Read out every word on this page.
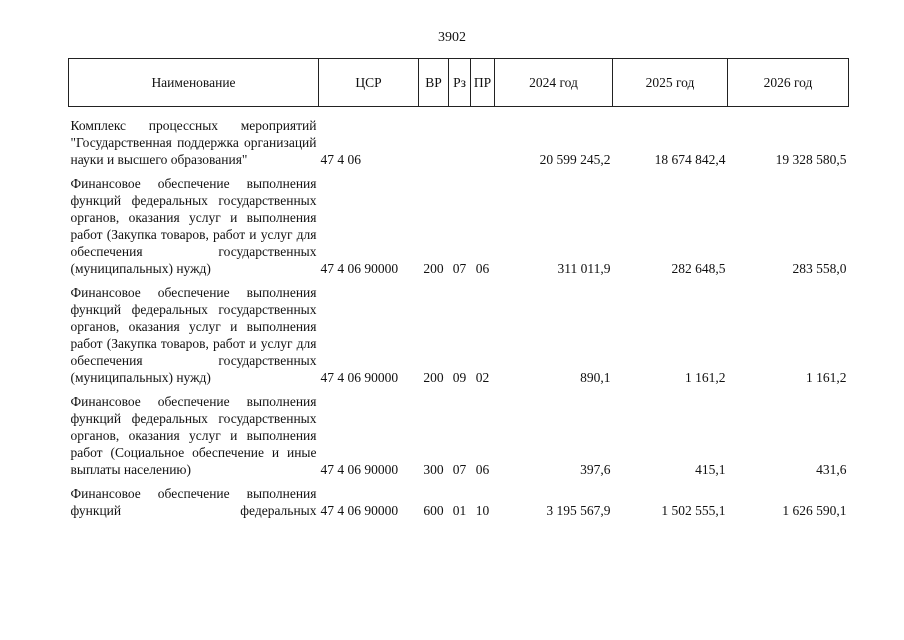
3902
Наименование	ЦСР	ВР	Рз	ПР	2024 год	2025 год	2026 год
Комплекс процессных мероприятий "Государственная поддержка организаций науки и высшего образования"	47 4 06				20 599 245,2	18 674 842,4	19 328 580,5
Финансовое обеспечение выполнения функций федеральных государственных органов, оказания услуг и выполнения работ (Закупка товаров, работ и услуг для обеспечения государственных (муниципальных) нужд)	47 4 06 90000	200	07	06	311 011,9	282 648,5	283 558,0
Финансовое обеспечение выполнения функций федеральных государственных органов, оказания услуг и выполнения работ (Закупка товаров, работ и услуг для обеспечения государственных (муниципальных) нужд)	47 4 06 90000	200	09	02	890,1	1 161,2	1 161,2
Финансовое обеспечение выполнения функций федеральных государственных органов, оказания услуг и выполнения работ (Социальное обеспечение и иные выплаты населению)	47 4 06 90000	300	07	06	397,6	415,1	431,6
Финансовое обеспечение выполнения функций федеральных	47 4 06 90000	600	01	10	3 195 567,9	1 502 555,1	1 626 590,1
